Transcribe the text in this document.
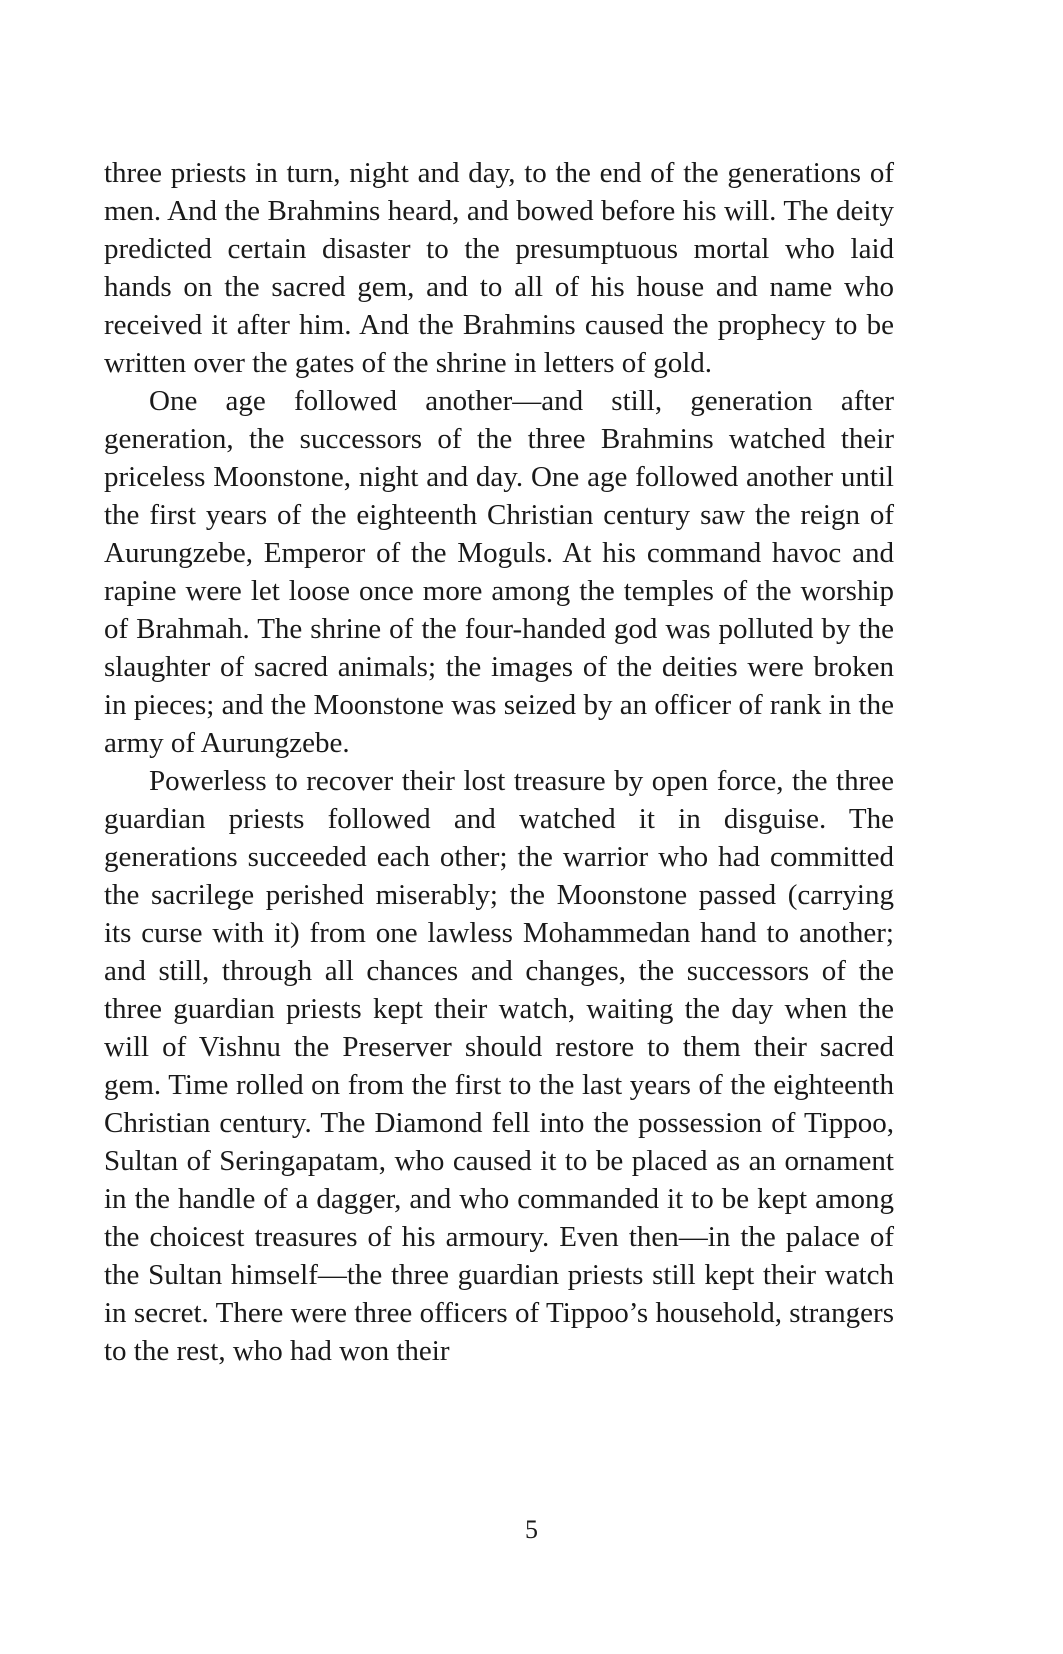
three priests in turn, night and day, to the end of the generations of men. And the Brahmins heard, and bowed before his will. The deity predicted certain disaster to the presumptuous mortal who laid hands on the sacred gem, and to all of his house and name who received it after him. And the Brahmins caused the prophecy to be written over the gates of the shrine in letters of gold.

One age followed another—and still, generation after generation, the successors of the three Brahmins watched their priceless Moonstone, night and day. One age followed another until the first years of the eighteenth Christian century saw the reign of Aurungzebe, Emperor of the Moguls. At his command havoc and rapine were let loose once more among the temples of the worship of Brahmah. The shrine of the four-handed god was polluted by the slaughter of sacred animals; the images of the deities were broken in pieces; and the Moonstone was seized by an officer of rank in the army of Aurungzebe.

Powerless to recover their lost treasure by open force, the three guardian priests followed and watched it in disguise. The generations succeeded each other; the warrior who had committed the sacrilege perished miserably; the Moonstone passed (carrying its curse with it) from one lawless Mohammedan hand to another; and still, through all chances and changes, the successors of the three guardian priests kept their watch, waiting the day when the will of Vishnu the Preserver should restore to them their sacred gem. Time rolled on from the first to the last years of the eighteenth Christian century. The Diamond fell into the possession of Tippoo, Sultan of Seringapatam, who caused it to be placed as an ornament in the handle of a dagger, and who commanded it to be kept among the choicest treasures of his armoury. Even then—in the palace of the Sultan himself—the three guardian priests still kept their watch in secret. There were three officers of Tippoo’s household, strangers to the rest, who had won their

5
